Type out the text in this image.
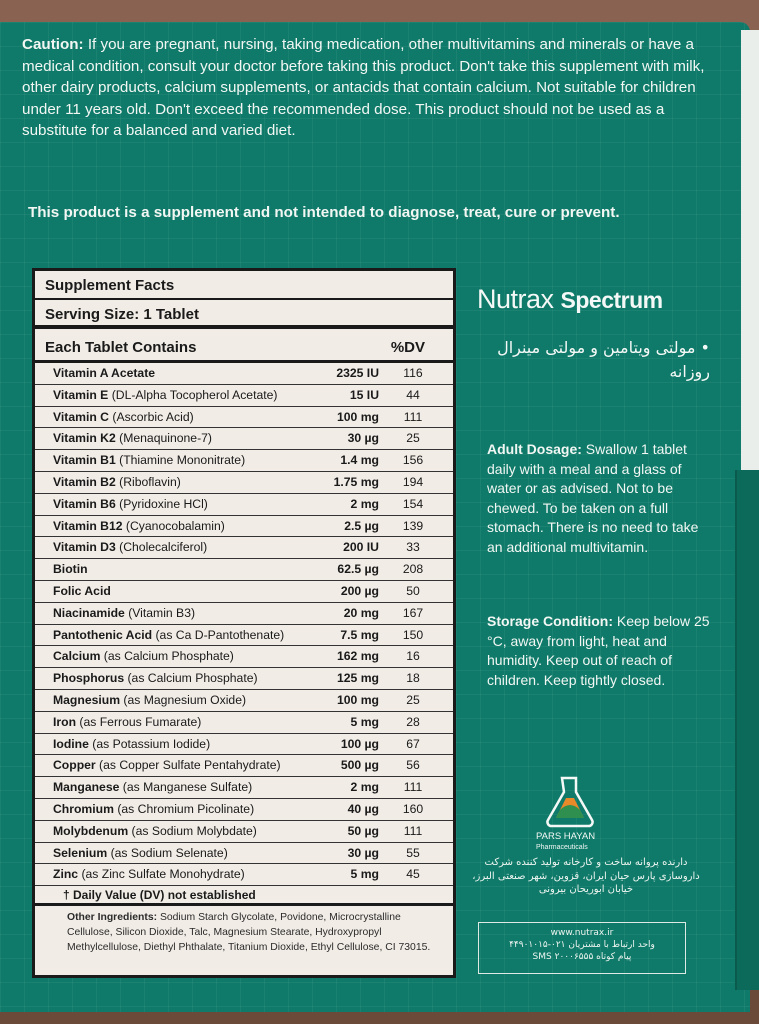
Caution: If you are pregnant, nursing, taking medication, other multivitamins and minerals or have a medical condition, consult your doctor before taking this product. Don't take this supplement with milk, other dairy products, calcium supplements, or antacids that contain calcium. Not suitable for children under 11 years old. Don't exceed the recommended dose. This product should not be used as a substitute for a balanced and varied diet.

This product is a supplement and not intended to diagnose, treat, cure or prevent.

Supplement Facts
Serving Size: 1 Tablet
Each Tablet Contains	%DV
Vitamin A Acetate	2325 IU	116
Vitamin E (DL-Alpha Tocopherol Acetate)	15 IU	44
Vitamin C (Ascorbic Acid)	100 mg	111
Vitamin K2 (Menaquinone-7)	30 µg	25
Vitamin B1 (Thiamine Mononitrate)	1.4 mg	156
Vitamin B2 (Riboflavin)	1.75 mg	194
Vitamin B6 (Pyridoxine HCl)	2 mg	154
Vitamin B12 (Cyanocobalamin)	2.5 µg	139
Vitamin D3 (Cholecalciferol)	200 IU	33
Biotin	62.5 µg	208
Folic Acid	200 µg	50
Niacinamide (Vitamin B3)	20 mg	167
Pantothenic Acid (as Ca D-Pantothenate)	7.5 mg	150
Calcium (as Calcium Phosphate)	162 mg	16
Phosphorus (as Calcium Phosphate)	125 mg	18
Magnesium (as Magnesium Oxide)	100 mg	25
Iron (as Ferrous Fumarate)	5 mg	28
Iodine (as Potassium Iodide)	100 µg	67
Copper (as Copper Sulfate Pentahydrate)	500 µg	56
Manganese (as Manganese Sulfate)	2 mg	111
Chromium (as Chromium Picolinate)	40 µg	160
Molybdenum (as Sodium Molybdate)	50 µg	111
Selenium (as Sodium Selenate)	30 µg	55
Zinc (as Zinc Sulfate Monohydrate)	5 mg	45
† Daily Value (DV) not established
Other Ingredients: Sodium Starch Glycolate, Povidone, Microcrystalline Cellulose, Silicon Dioxide, Talc, Magnesium Stearate, Hydroxypropyl Methylcellulose, Diethyl Phthalate, Titanium Dioxide, Ethyl Cellulose, CI 73015.
Nutrax Spectrum
• مولتی ویتامین و مولتی مینرال روزانه

Adult Dosage: Swallow 1 tablet daily with a meal and a glass of water or as advised. Not to be chewed. To be taken on a full stomach. There is no need to take an additional multivitamin.

Storage Condition: Keep below 25 °C, away from light, heat and humidity. Keep out of reach of children. Keep tightly closed.

PARS HAYAN
Pharmaceuticals
دارنده پروانه ساخت و کارخانه تولید کننده شرکت داروسازی پارس حیان ایران، قزوین، شهر صنعتی البرز، خیابان ابوریحان بیرونی
www.nutrax.ir
واحد ارتباط با مشتریان ۰۲۱-۴۴۹۰۱۰۱۵
SMS پیام کوتاه ۲۰۰۰۶۵۵۵
